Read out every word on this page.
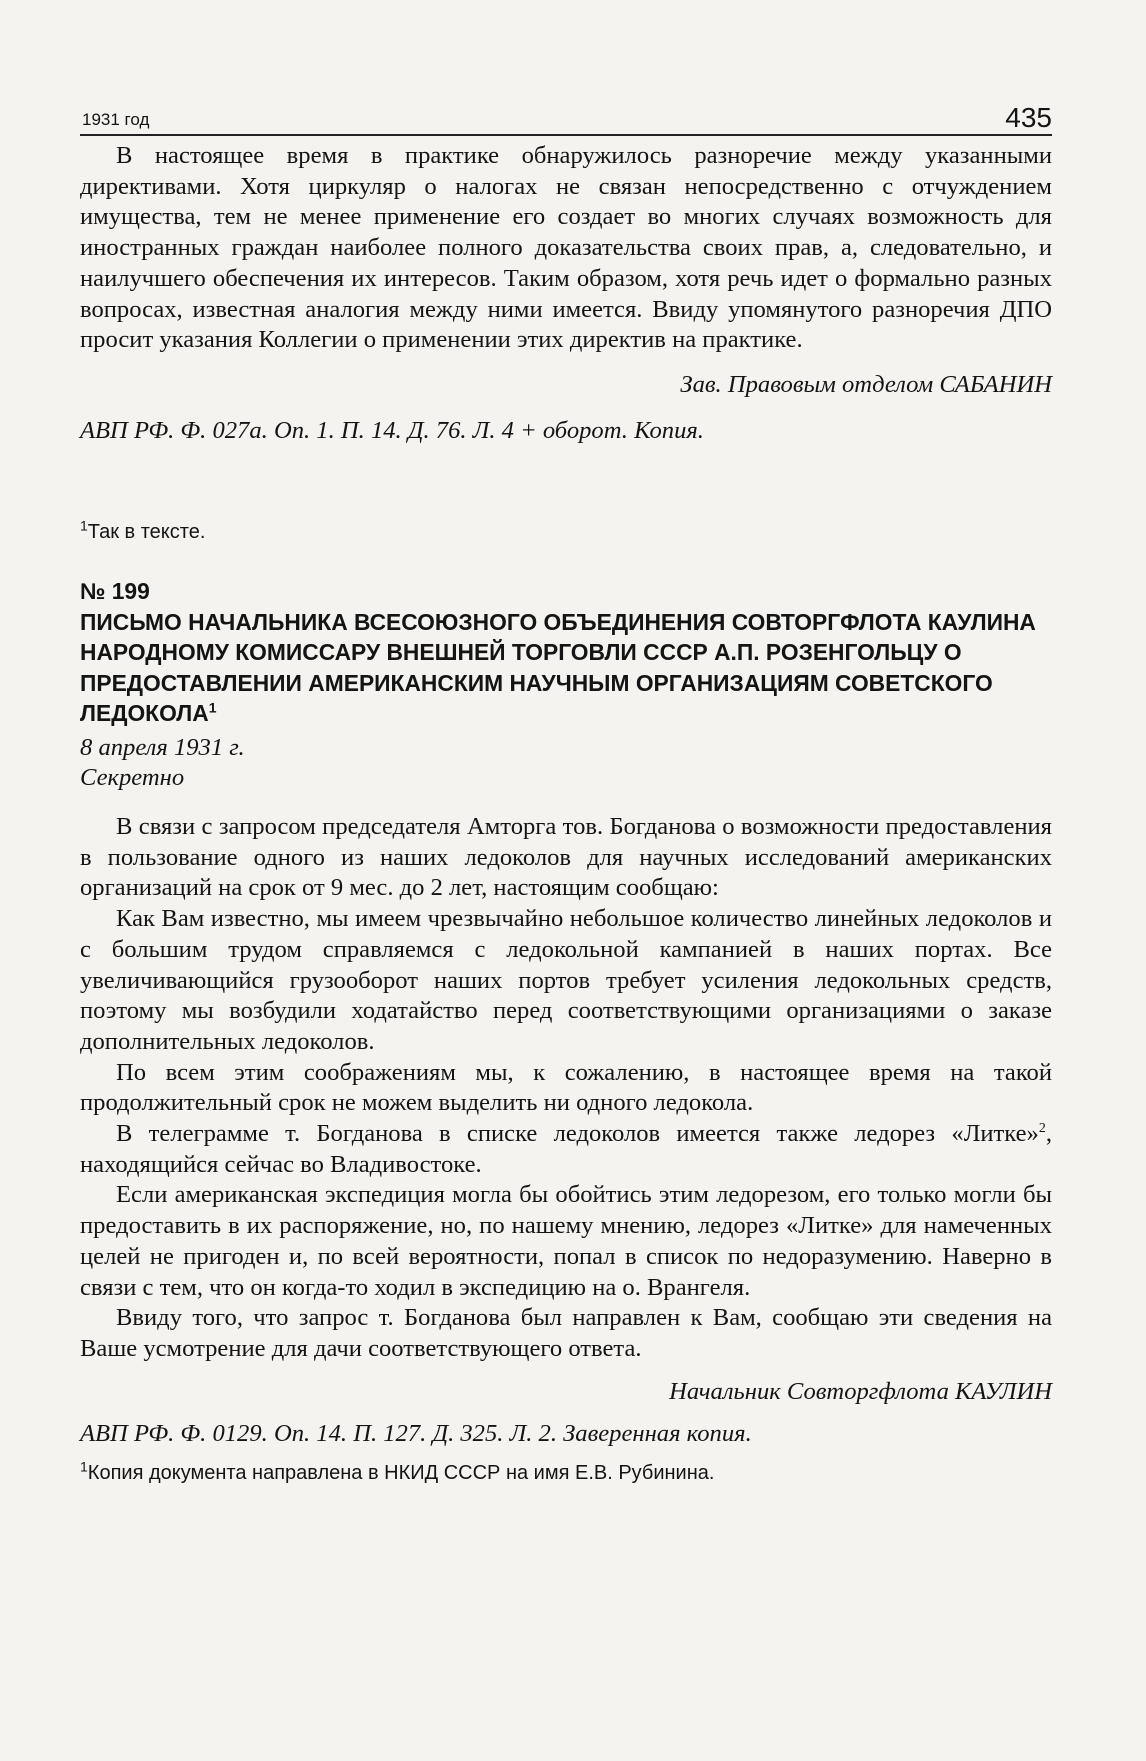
1931 год	435

В настоящее время в практике обнаружилось разноречие между указанными директивами. Хотя циркуляр о налогах не связан непосредственно с отчуждением имущества, тем не менее применение его создает во многих случаях возможность для иностранных граждан наиболее полного доказательства своих прав, а, следовательно, и наилучшего обеспечения их интересов. Таким образом, хотя речь идет о формально разных вопросах, известная аналогия между ними имеется. Ввиду упомянутого разноречия ДПО просит указания Коллегии о применении этих директив на практике.

Зав. Правовым отделом САБАНИН

АВП РФ. Ф. 027а. Оп. 1. П. 14. Д. 76. Л. 4 + оборот. Копия.

$^1$Так в тексте.

№ 199

ПИСЬМО НАЧАЛЬНИКА ВСЕСОЮЗНОГО ОБЪЕДИНЕНИЯ СОВТОРГФЛОТА КАУЛИНА НАРОДНОМУ КОМИССАРУ ВНЕШНЕЙ ТОРГОВЛИ СССР А.П. РОЗЕНГОЛЬЦУ О ПРЕДОСТАВЛЕНИИ АМЕРИКАНСКИМ НАУЧНЫМ ОРГАНИЗАЦИЯМ СОВЕТСКОГО ЛЕДОКОЛА$^1$

8 апреля 1931 г.

Секретно

В связи с запросом председателя Амторга тов. Богданова о возможности предоставления в пользование одного из наших ледоколов для научных исследований американских организаций на срок от 9 мес. до 2 лет, настоящим сообщаю:

Как Вам известно, мы имеем чрезвычайно небольшое количество линейных ледоколов и с большим трудом справляемся с ледокольной кампанией в наших портах. Все увеличивающийся грузооборот наших портов требует усиления ледокольных средств, поэтому мы возбудили ходатайство перед соответствующими организациями о заказе дополнительных ледоколов.

По всем этим соображениям мы, к сожалению, в настоящее время на такой продолжительный срок не можем выделить ни одного ледокола.

В телеграмме т. Богданова в списке ледоколов имеется также ледорез «Литке»$^2$, находящийся сейчас во Владивостоке.

Если американская экспедиция могла бы обойтись этим ледорезом, его только могли бы предоставить в их распоряжение, но, по нашему мнению, ледорез «Литке» для намеченных целей не пригоден и, по всей вероятности, попал в список по недоразумению. Наверно в связи с тем, что он когда-то ходил в экспедицию на о. Врангеля.

Ввиду того, что запрос т. Богданова был направлен к Вам, сообщаю эти сведения на Ваше усмотрение для дачи соответствующего ответа.

Начальник Совторгфлота КАУЛИН

АВП РФ. Ф. 0129. Оп. 14. П. 127. Д. 325. Л. 2. Заверенная копия.

$^1$Копия документа направлена в НКИД СССР на имя Е.В. Рубинина.
